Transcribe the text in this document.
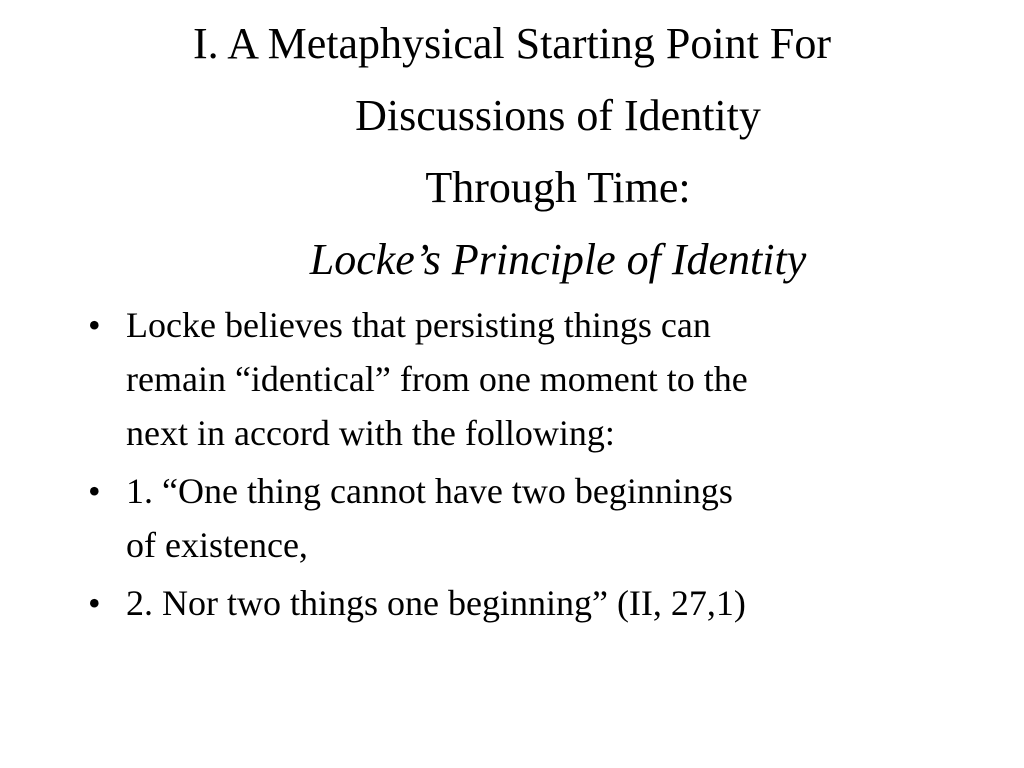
I. A Metaphysical Starting Point For
Discussions of Identity
Through Time:
Locke’s Principle of Identity
• Locke believes that persisting things can
remain “identical” from one moment to the
next in accord with the following:
• 1. “One thing cannot have two beginnings
of existence,
• 2. Nor two things one beginning” (II, 27,1)
